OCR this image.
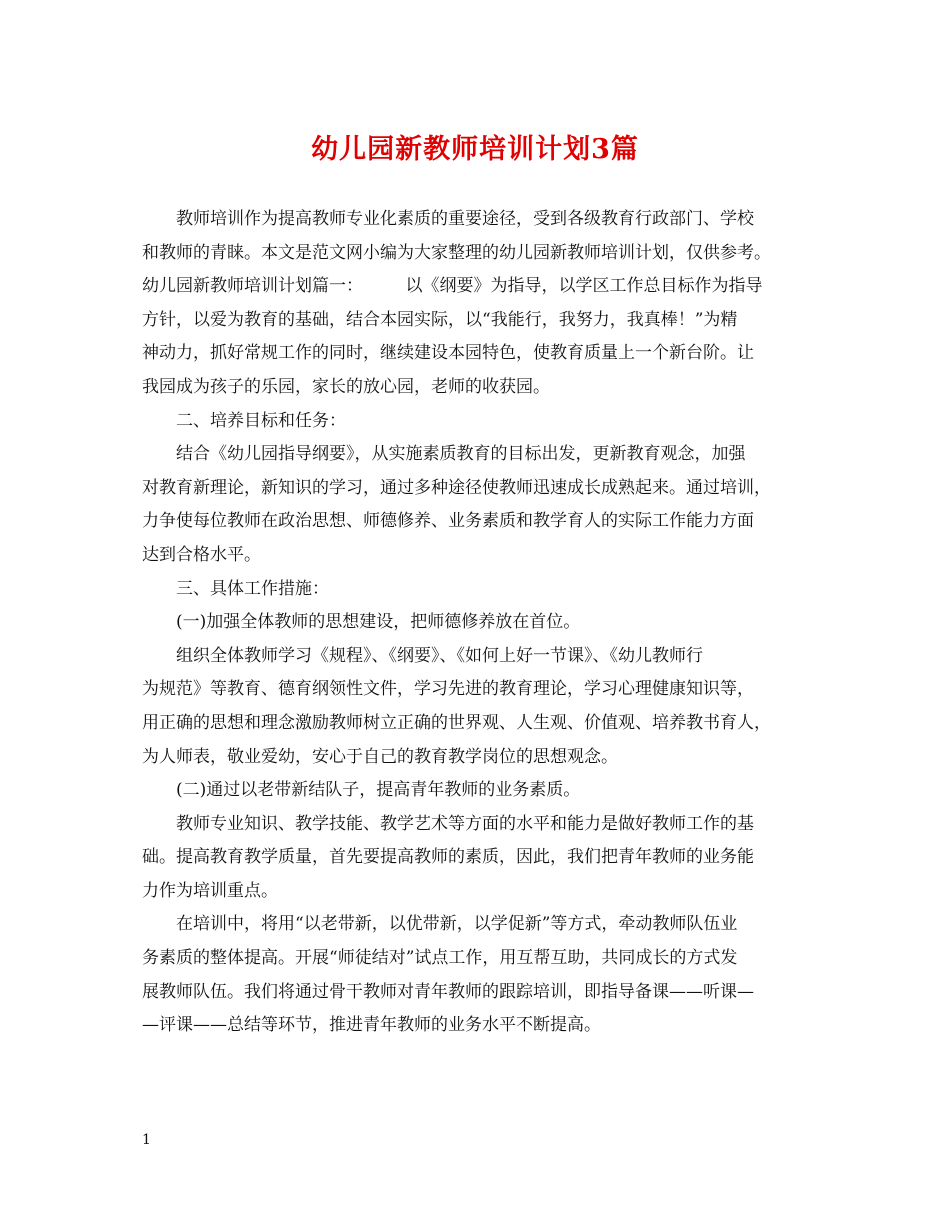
幼儿园新教师培训计划3篇
教师培训作为提高教师专业化素质的重要途径，受到各级教育行政部门、学校
和教师的青睐。本文是范文网小编为大家整理的幼儿园新教师培训计划，仅供参考。
幼儿园新教师培训计划篇一：　　　以《纲要》为指导，以学区工作总目标作为指导
方针，以爱为教育的基础，结合本园实际，以“我能行，我努力，我真棒！”为精
神动力，抓好常规工作的同时，继续建设本园特色，使教育质量上一个新台阶。让
我园成为孩子的乐园，家长的放心园，老师的收获园。
二、培养目标和任务：
结合《幼儿园指导纲要》，从实施素质教育的目标出发，更新教育观念，加强
对教育新理论，新知识的学习，通过多种途径使教师迅速成长成熟起来。通过培训，
力争使每位教师在政治思想、师德修养、业务素质和教学育人的实际工作能力方面
达到合格水平。
三、具体工作措施：
(一)加强全体教师的思想建设，把师德修养放在首位。
组织全体教师学习《规程》、《纲要》、《如何上好一节课》、《幼儿教师行
为规范》等教育、德育纲领性文件，学习先进的教育理论，学习心理健康知识等，
用正确的思想和理念激励教师树立正确的世界观、人生观、价值观、培养教书育人，
为人师表，敬业爱幼，安心于自己的教育教学岗位的思想观念。
(二)通过以老带新结队子，提高青年教师的业务素质。
教师专业知识、教学技能、教学艺术等方面的水平和能力是做好教师工作的基
础。提高教育教学质量，首先要提高教师的素质，因此，我们把青年教师的业务能
力作为培训重点。
在培训中，将用“以老带新，以优带新，以学促新”等方式，牵动教师队伍业
务素质的整体提高。开展“师徒结对”试点工作，用互帮互助，共同成长的方式发
展教师队伍。我们将通过骨干教师对青年教师的跟踪培训，即指导备课——听课—
—评课——总结等环节，推进青年教师的业务水平不断提高。
1
